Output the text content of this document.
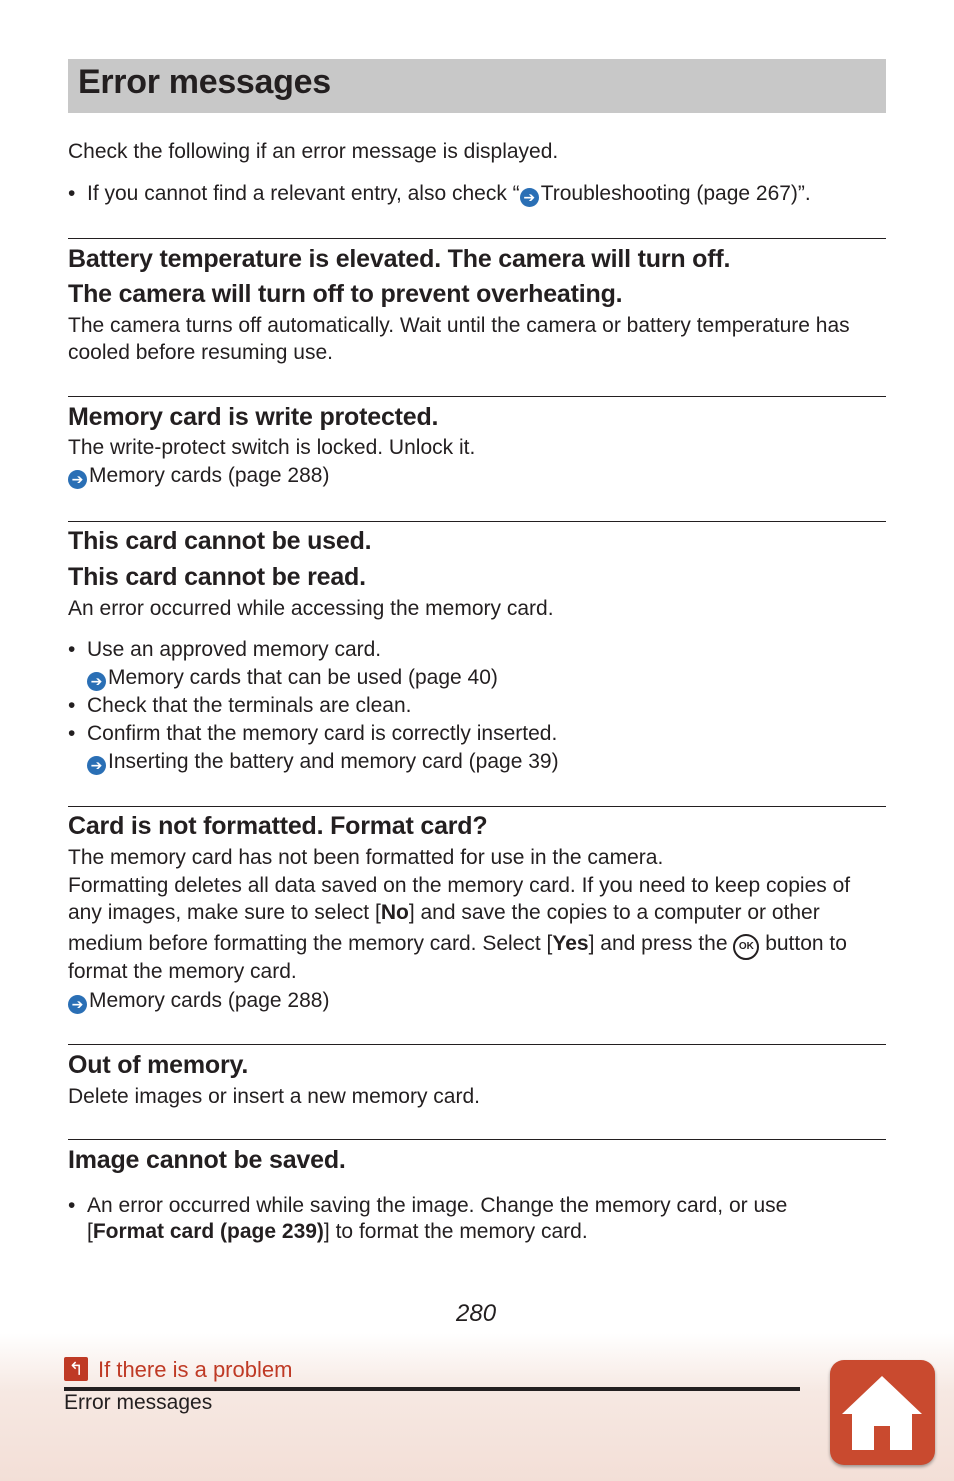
Error messages
Check the following if an error message is displayed.
• If you cannot find a relevant entry, also check “ ➔ Troubleshooting (page 267)”.
Battery temperature is elevated. The camera will turn off.
The camera will turn off to prevent overheating.
The camera turns off automatically. Wait until the camera or battery temperature has
cooled before resuming use.
Memory card is write protected.
The write-protect switch is locked. Unlock it.
➔ Memory cards (page 288)
This card cannot be used.
This card cannot be read.
An error occurred while accessing the memory card.
• Use an approved memory card.
➔ Memory cards that can be used (page 40)
• Check that the terminals are clean.
• Confirm that the memory card is correctly inserted.
➔ Inserting the battery and memory card (page 39)
Card is not formatted. Format card?
The memory card has not been formatted for use in the camera.
Formatting deletes all data saved on the memory card. If you need to keep copies of
any images, make sure to select [No] and save the copies to a computer or other
medium before formatting the memory card. Select [Yes] and press the OK button to
format the memory card.
➔ Memory cards (page 288)
Out of memory.
Delete images or insert a new memory card.
Image cannot be saved.
• An error occurred while saving the image. Change the memory card, or use
[Format card (page 239)] to format the memory card.
280
↰ If there is a problem
Error messages
